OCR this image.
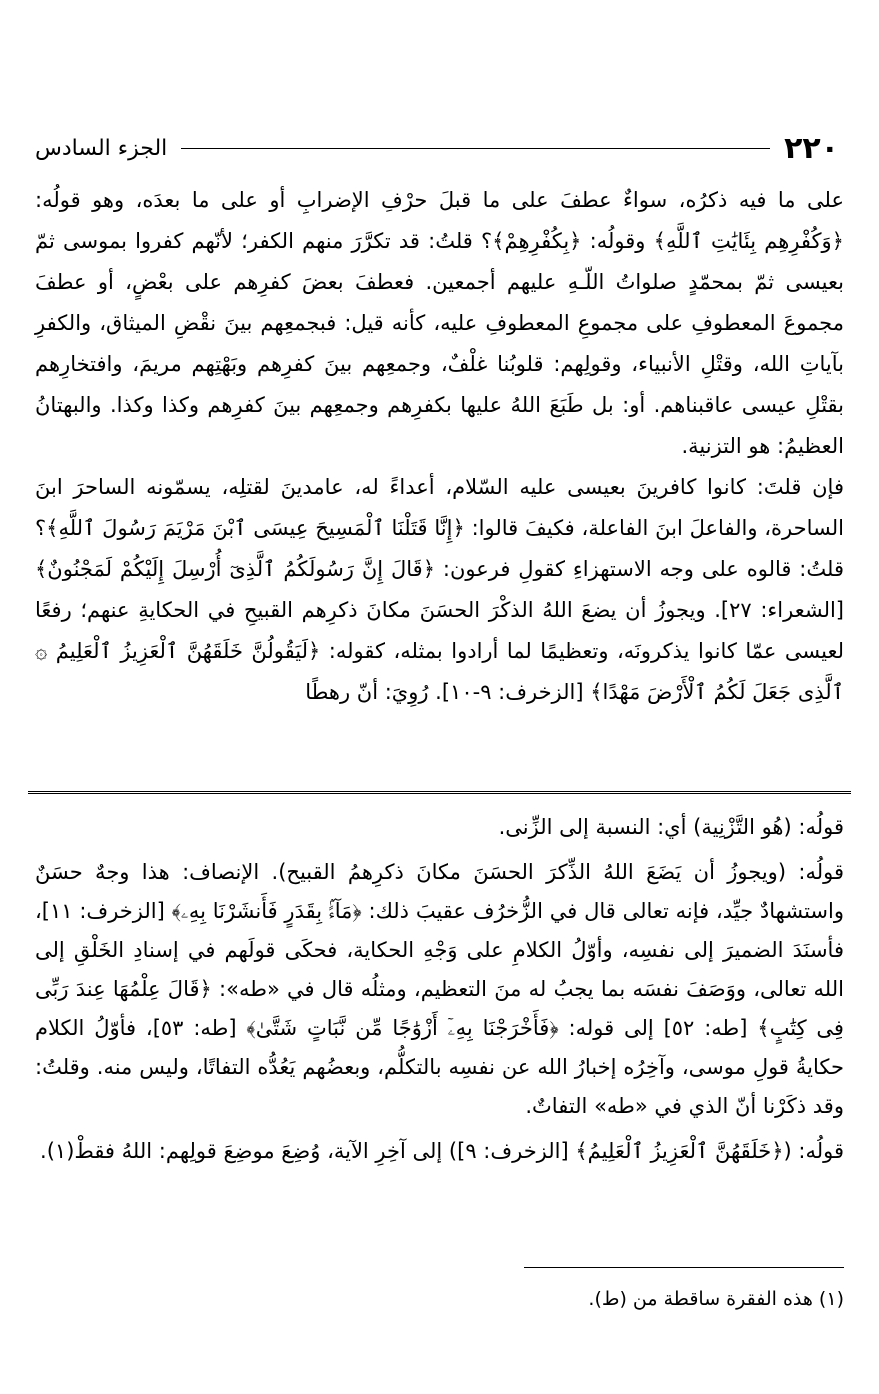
٢٢٠
الجزء السادس

على ما فيه ذكرُه، سواءٌ عطفَ على ما قبلَ حرْفِ الإضرابِ أو على ما بعدَه، وهو قولُه: ﴿وَكُفْرِهِم بِئَايَٰتِ ٱللَّهِ﴾ وقولُه: ﴿بِكُفْرِهِمْ﴾؟ قلتُ: قد تكرَّرَ منهم الكفر؛ لأنّهم كفروا بموسى ثمّ بعيسى ثمّ بمحمّدٍ صلواتُ اللّـهِ عليهم أجمعين. فعطفَ بعضَ كفرِهم على بعْضٍ، أو عطفَ مجموعَ المعطوفِ على مجموعِ المعطوفِ عليه، كأنه قيل: فبجمعِهم بينَ نقْضِ الميثاق، والكفرِ بآياتِ الله، وقتْلِ الأنبياء، وقولِهم: قلوبُنا غلْفٌ، وجمعِهم بينَ كفرِهم وبَهْتِهم مريمَ، وافتخارِهم بقتْلِ عيسى عاقبناهم. أو: بل طَبَعَ اللهُ عليها بكفرِهم وجمعِهم بينَ كفرِهم وكذا وكذا. والبهتانُ العظيمُ: هو التزنية.

فإن قلتَ: كانوا كافرينَ بعيسى عليه السّلام، أعداءً له، عامدينَ لقتلِه، يسمّونه الساحرَ ابنَ الساحرة، والفاعلَ ابنَ الفاعلة، فكيفَ قالوا: ﴿إِنَّا قَتَلْنَا ٱلْمَسِيحَ عِيسَى ٱبْنَ مَرْيَمَ رَسُولَ ٱللَّهِ﴾؟ قلتُ: قالوه على وجه الاستهزاءِ كقولِ فرعون: ﴿قَالَ إِنَّ رَسُولَكُمُ ٱلَّذِىٓ أُرْسِلَ إِلَيْكُمْ لَمَجْنُونٌ﴾ [الشعراء: ٢٧]. ويجوزُ أن يضعَ اللهُ الذكْرَ الحسَنَ مكانَ ذكرِهم القبيحِ في الحكايةِ عنهم؛ رفعًا لعيسى عمّا كانوا يذكرونَه، وتعظيمًا لما أرادوا بمثله، كقوله: ﴿لَيَقُولُنَّ خَلَقَهُنَّ ٱلْعَزِيزُ ٱلْعَلِيمُ ۞ ٱلَّذِى جَعَلَ لَكُمُ ٱلْأَرْضَ مَهْدًا﴾ [الزخرف: ٩-١٠]. رُوِيَ: أنّ رهطًا

قولُه: (هُو التَّزْنِية) أي: النسبة إلى الزِّنى.

قولُه: (ويجوزُ أن يَضَعَ اللهُ الذِّكرَ الحسَنَ مكانَ ذكرِهمُ القبيح). الإنصاف: هذا وجهٌ حسَنٌ واستشهادٌ جيِّد، فإنه تعالى قال في الزُّخرُف عقيبَ ذلك: ﴿مَآءًۢ بِقَدَرٍ فَأَنشَرْنَا بِهِۦ﴾ [الزخرف: ١١]، فأسنَدَ الضميرَ إلى نفسِه، وأوّلُ الكلامِ على وَجْهِ الحكاية، فحكَى قولَهم في إسنادِ الخَلْقِ إلى الله تعالى، ووَصَفَ نفسَه بما يجبُ له منَ التعظيم، ومثلُه قال في «طه»: ﴿قَالَ عِلْمُهَا عِندَ رَبِّى فِى كِتَٰبٍ﴾ [طه: ٥٢] إلى قوله: ﴿فَأَخْرَجْنَا بِهِۦٓ أَزْوَٰجًا مِّن نَّبَاتٍ شَتَّىٰ﴾ [طه: ٥٣]، فأوّلُ الكلام حكايةُ قولِ موسى، وآخِرُه إخبارُ الله عن نفسِه بالتكلُّم، وبعضُهم يَعُدُّه التفاتًا، وليس منه. وقلتُ: وقد ذكَرْنا أنّ الذي في «طه» التفاتٌ.

قولُه: (﴿خَلَقَهُنَّ ٱلْعَزِيزُ ٱلْعَلِيمُ﴾ [الزخرف: ٩]) إلى آخِرِ الآية، وُضِعَ موضِعَ قولِهم: اللهُ فقطْ(١).

(١) هذه الفقرة ساقطة من (ط).
